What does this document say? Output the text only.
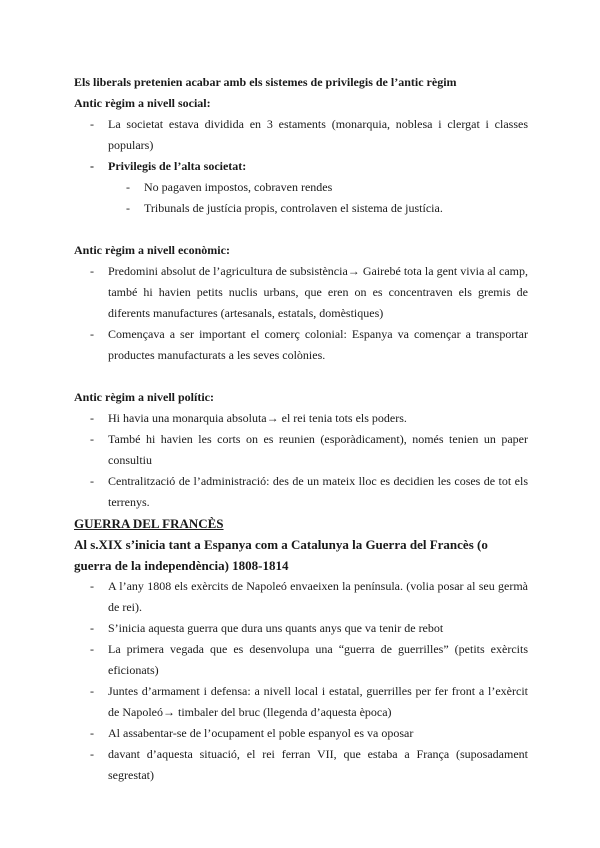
Els liberals pretenien acabar amb els sistemes de privilegis de l’antic règim

Antic règim a nivell social:

- La societat estava dividida en 3 estaments (monarquia, noblesa i clergat i classes populars)
- Privilegis de l’alta societat:
- No pagaven impostos, cobraven rendes
- Tribunals de justícia propis, controlaven el sistema de justícia.

Antic règim a nivell econòmic:

- Predomini absolut de l’agricultura de subsistència→ Gairebé tota la gent vivia al camp, també hi havien petits nuclis urbans, que eren on es concentraven els gremis de diferents manufactures (artesanals, estatals, domèstiques)
- Començava a ser important el comerç colonial: Espanya va començar a transportar productes manufacturats a les seves colònies.

Antic règim a nivell polític:

- Hi havia una monarquia absoluta→ el rei tenia tots els poders.
- També hi havien les corts on es reunien (esporàdicament), només tenien un paper consultiu
- Centralització de l’administració: des de un mateix lloc es decidien les coses de tot els terrenys.

GUERRA DEL FRANCÈS

Al s.XIX s’inicia tant a Espanya com a Catalunya la Guerra del Francès (o guerra de la independència) 1808-1814

- A l’any 1808 els exèrcits de Napoleó envaeixen la península. (volia posar al seu germà de rei).
- S’inicia aquesta guerra que dura uns quants anys que va tenir de rebot
- La primera vegada que es desenvolupa una “guerra de guerrilles” (petits exèrcits eficionats)
- Juntes d’armament i defensa: a nivell local i estatal, guerrilles per fer front a l’exèrcit de Napoleó→ timbaler del bruc (llegenda d’aquesta època)
- Al assabentar-se de l’ocupament el poble espanyol es va oposar
- davant d’aquesta situació, el rei ferran VII, que estaba a França (suposadament segrestat)
